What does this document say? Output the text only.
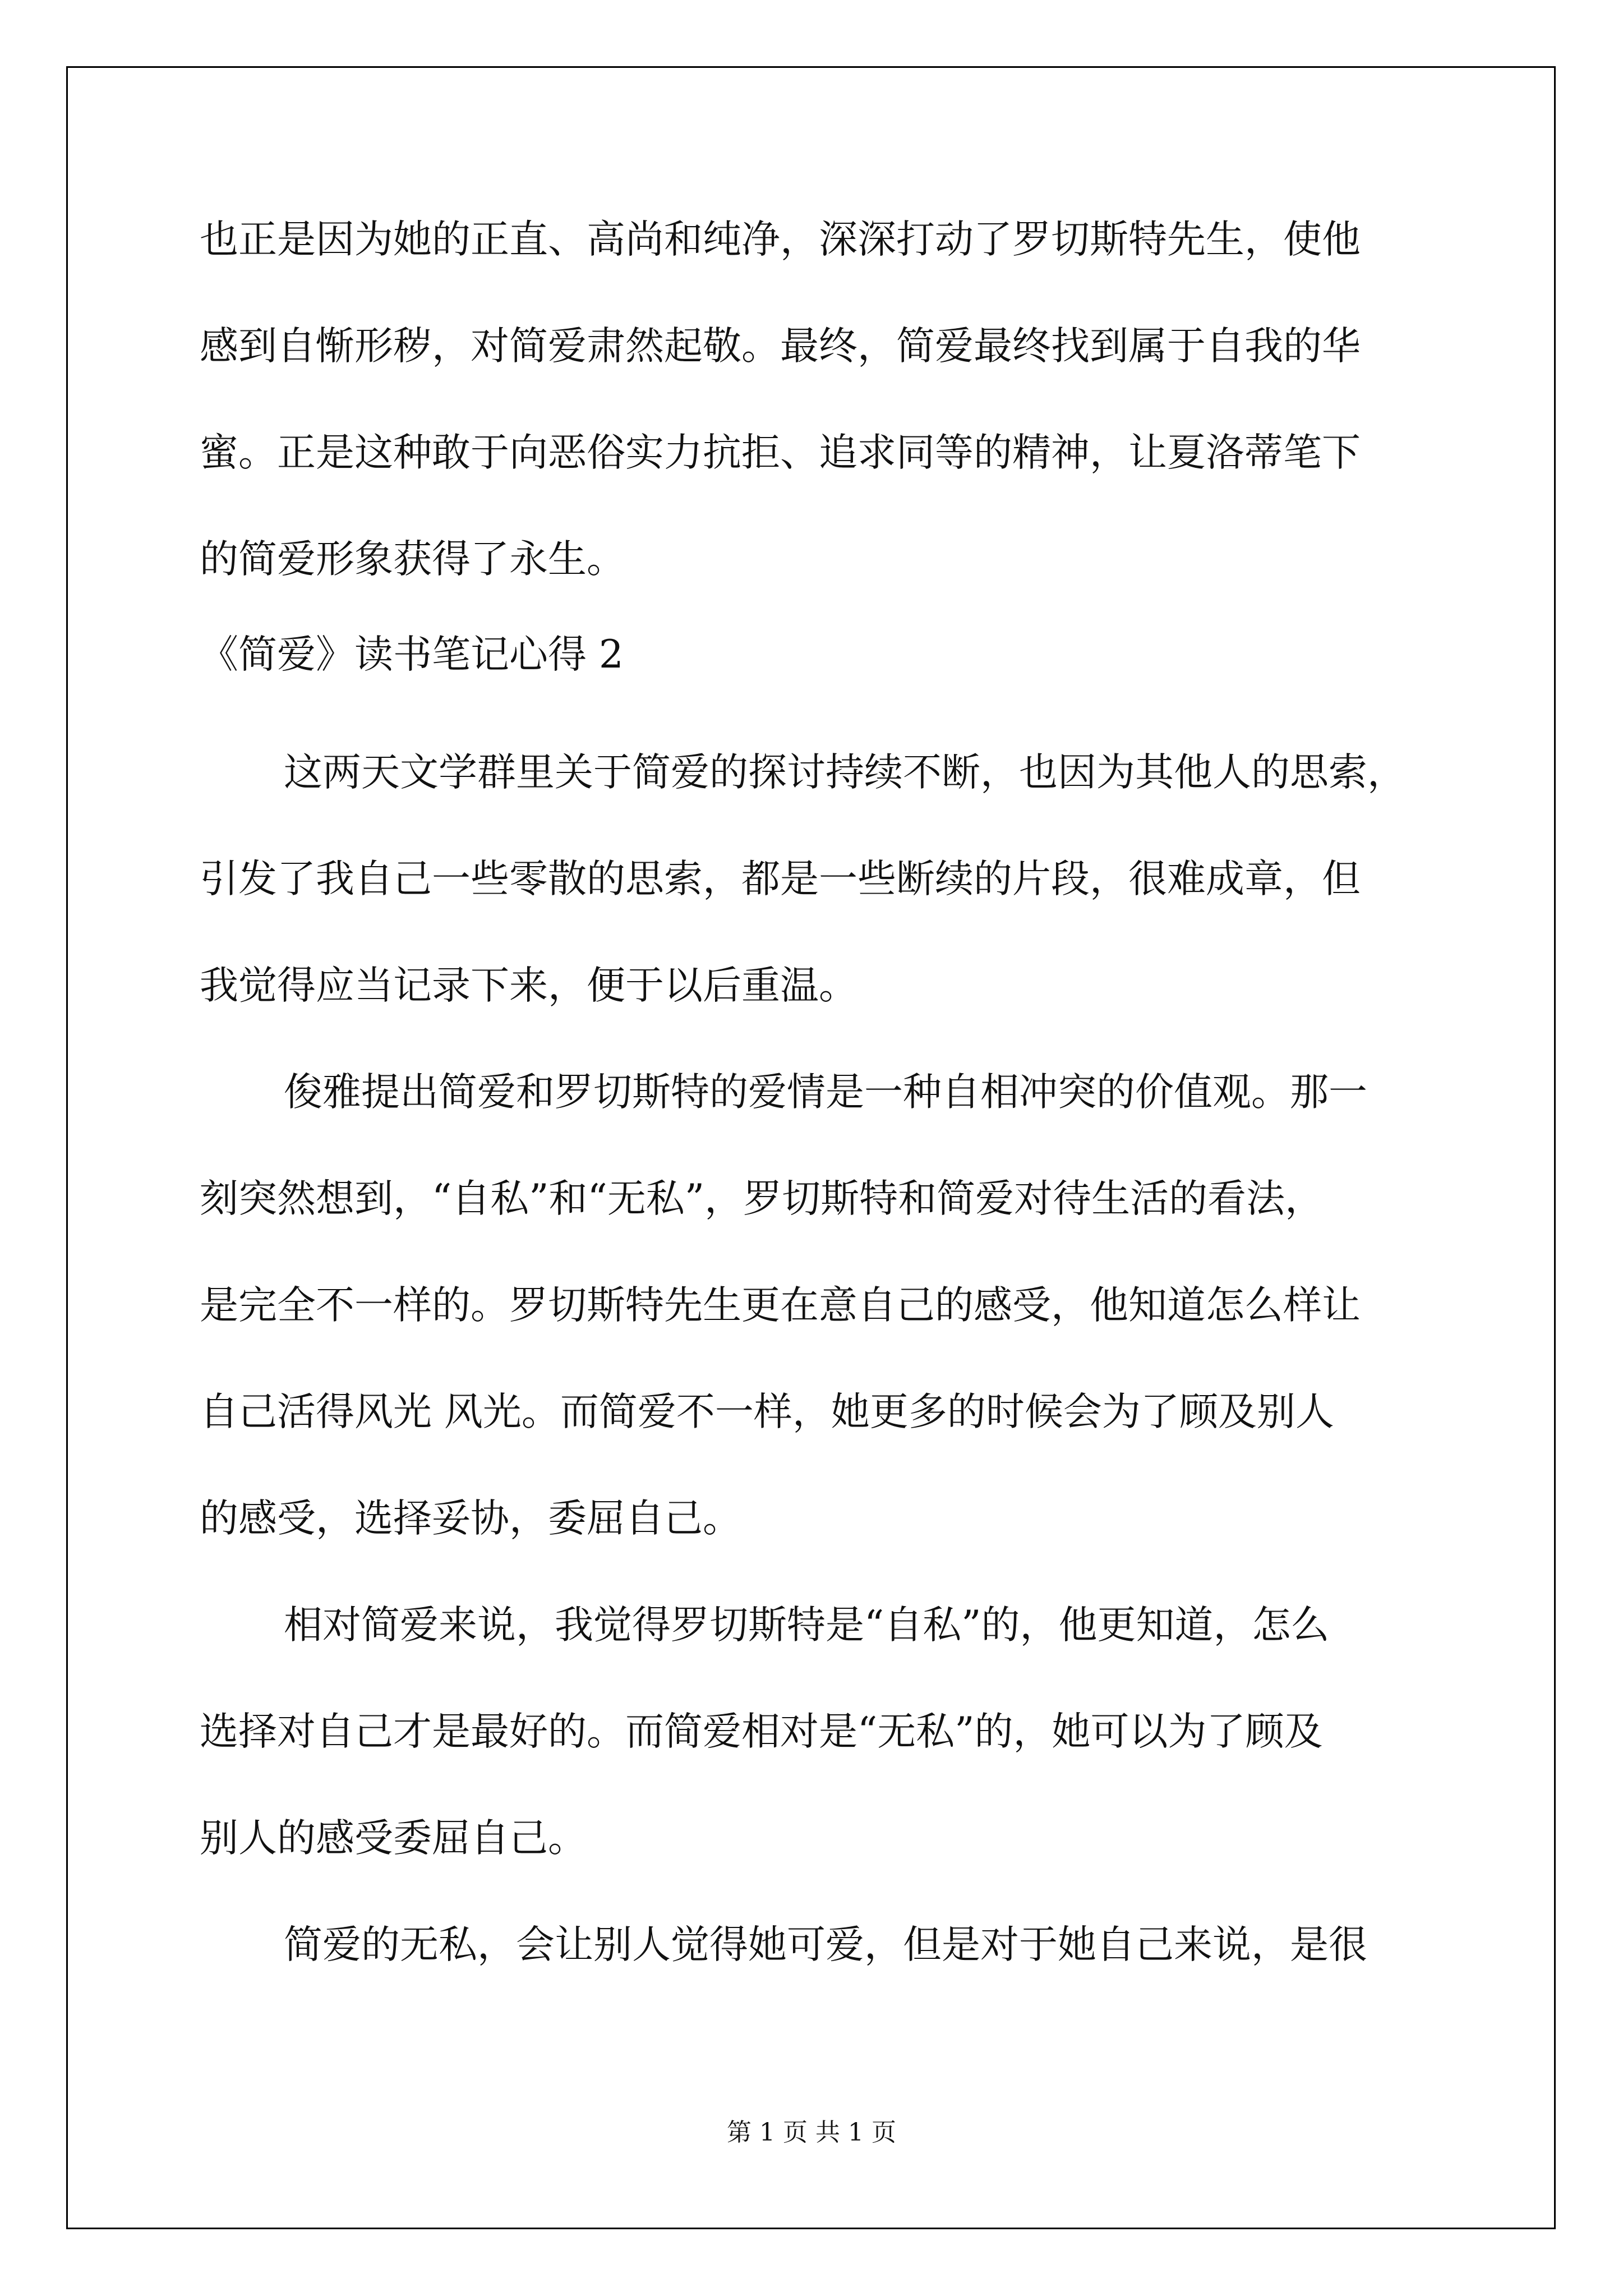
也正是因为她的正直、高尚和纯净，深深打动了罗切斯特先生，使他

感到自惭形秽，对简爱肃然起敬。最终，简爱最终找到属于自我的华

蜜。正是这种敢于向恶俗实力抗拒、追求同等的精神，让夏洛蒂笔下

的简爱形象获得了永生。

《简爱》读书笔记心得 2

这两天文学群里关于简爱的探讨持续不断，也因为其他人的思索，

引发了我自己一些零散的思索，都是一些断续的片段，很难成章，但

我觉得应当记录下来，便于以后重温。

俊雅提出简爱和罗切斯特的爱情是一种自相冲突的价值观。那一

刻突然想到，“自私”和“无私”，罗切斯特和简爱对待生活的看法，

是完全不一样的。罗切斯特先生更在意自己的感受，他知道怎么样让

自己活得风光 风光。而简爱不一样，她更多的时候会为了顾及别人

的感受，选择妥协，委屈自己。

相对简爱来说，我觉得罗切斯特是“自私”的，他更知道，怎么

选择对自己才是最好的。而简爱相对是“无私”的，她可以为了顾及

别人的感受委屈自己。

简爱的无私，会让别人觉得她可爱，但是对于她自己来说，是很

第 1 页 共 1 页
